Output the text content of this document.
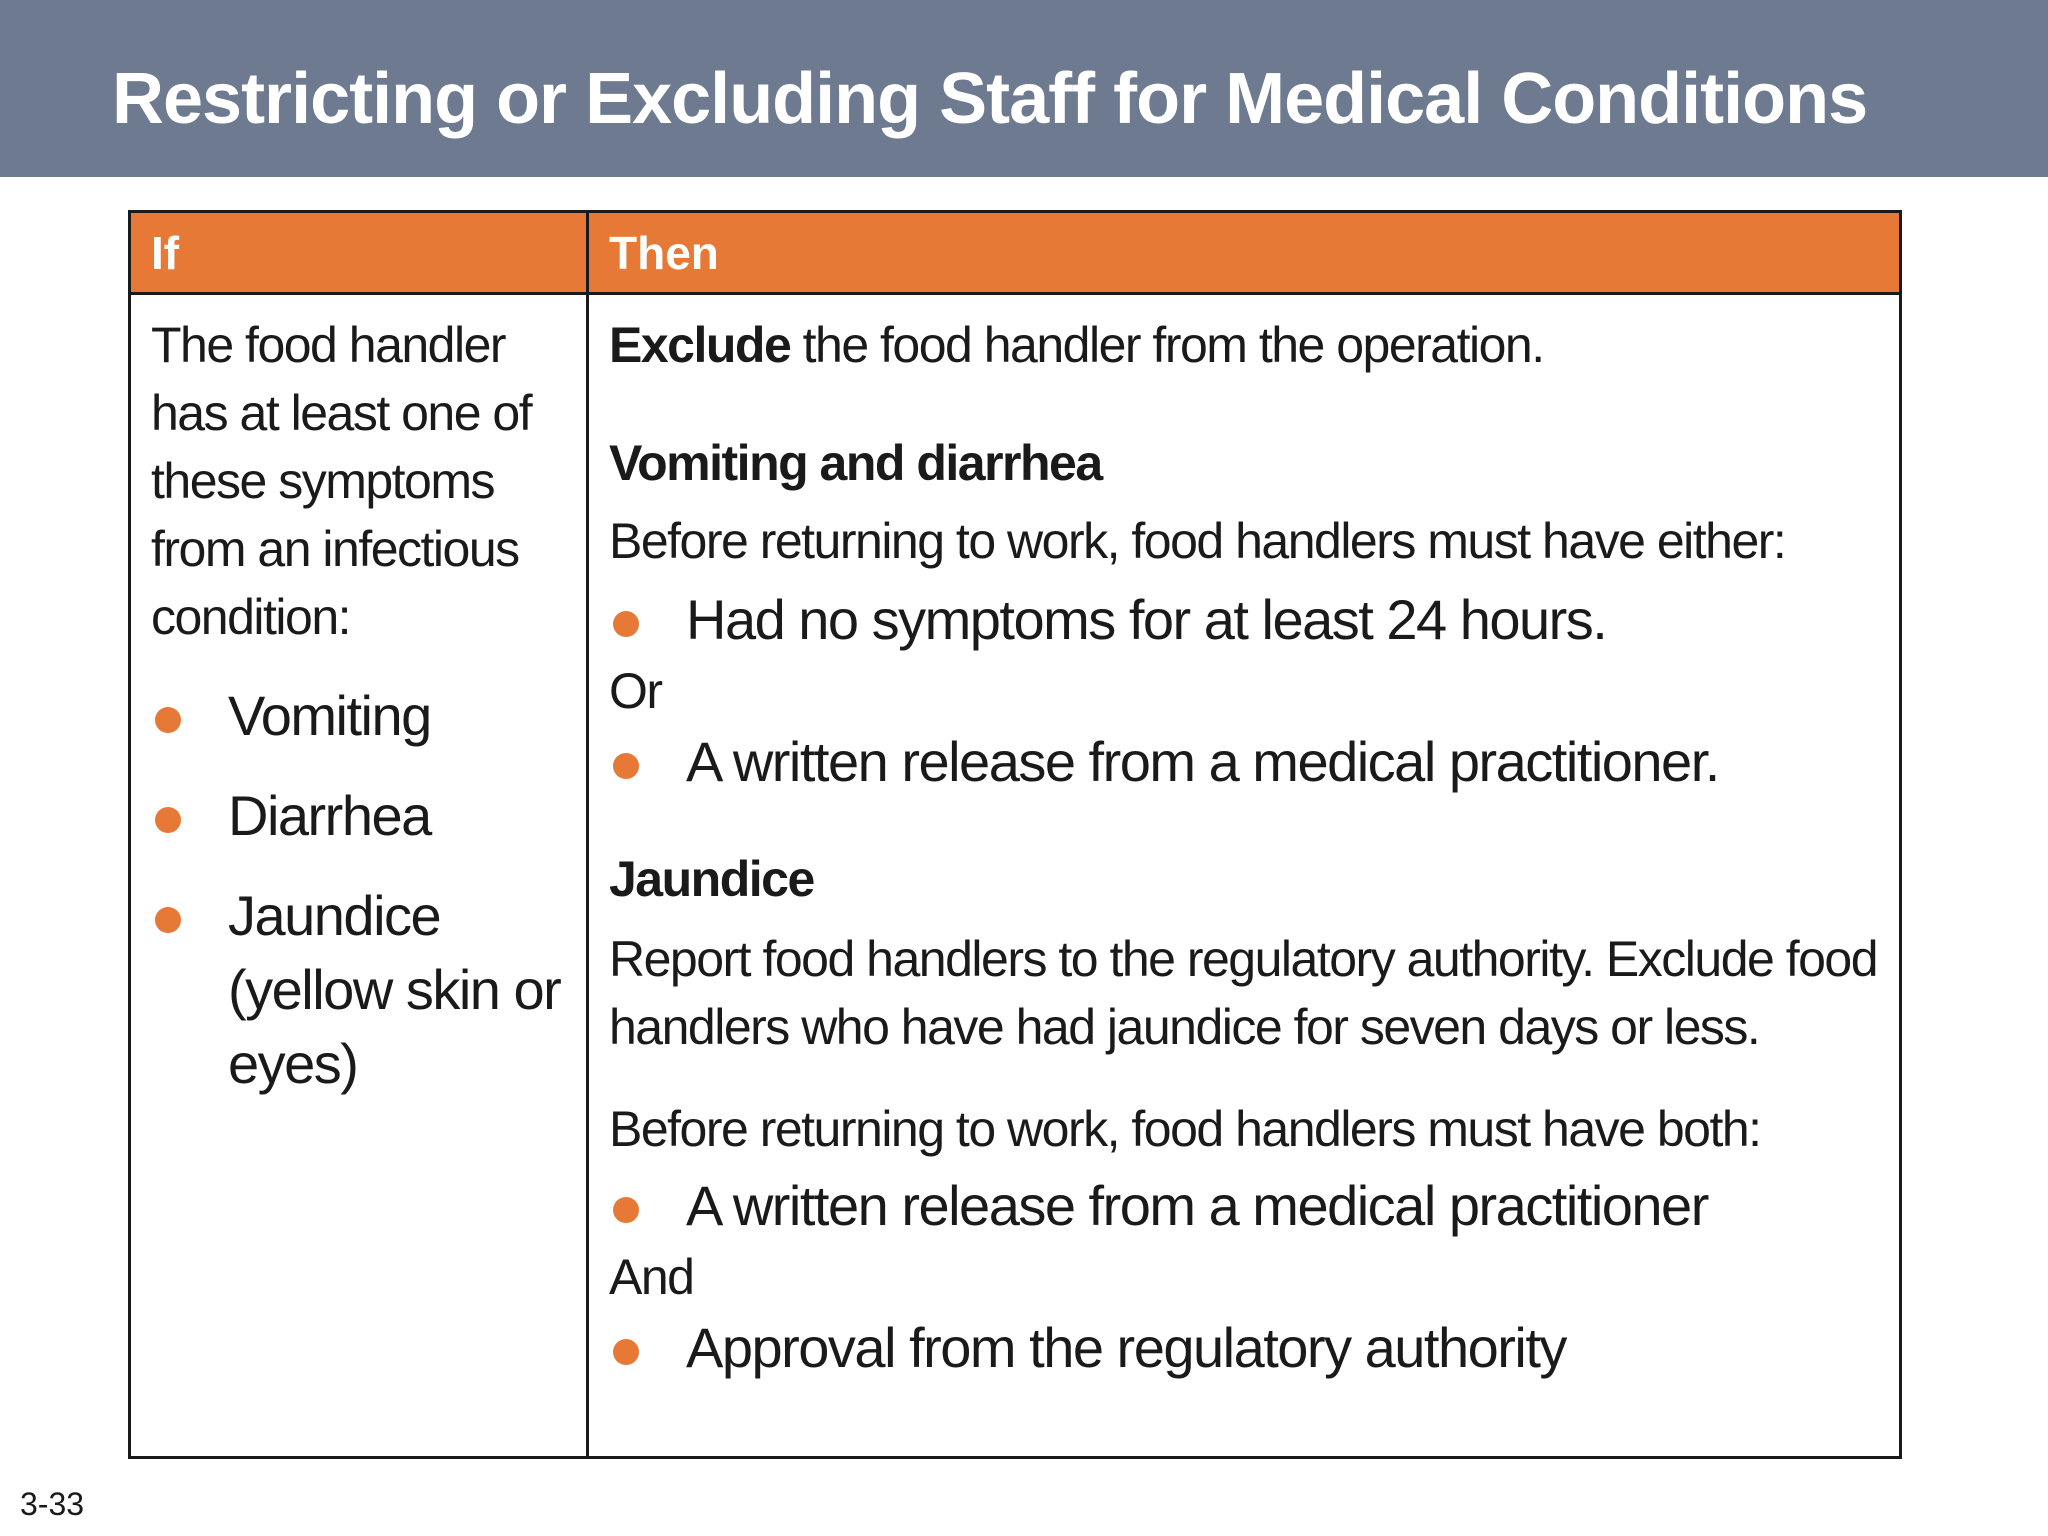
Restricting or Excluding Staff for Medical Conditions

If	Then

The food handler has at least one of these symptoms from an infectious condition:

Vomiting
Diarrhea
Jaundice (yellow skin or eyes)

Exclude the food handler from the operation.

Vomiting and diarrhea

Before returning to work, food handlers must have either:

Had no symptoms for at least 24 hours.

Or

A written release from a medical practitioner.

Jaundice

Report food handlers to the regulatory authority. Exclude food handlers who have had jaundice for seven days or less.

Before returning to work, food handlers must have both:

A written release from a medical practitioner

And

Approval from the regulatory authority

3-33
